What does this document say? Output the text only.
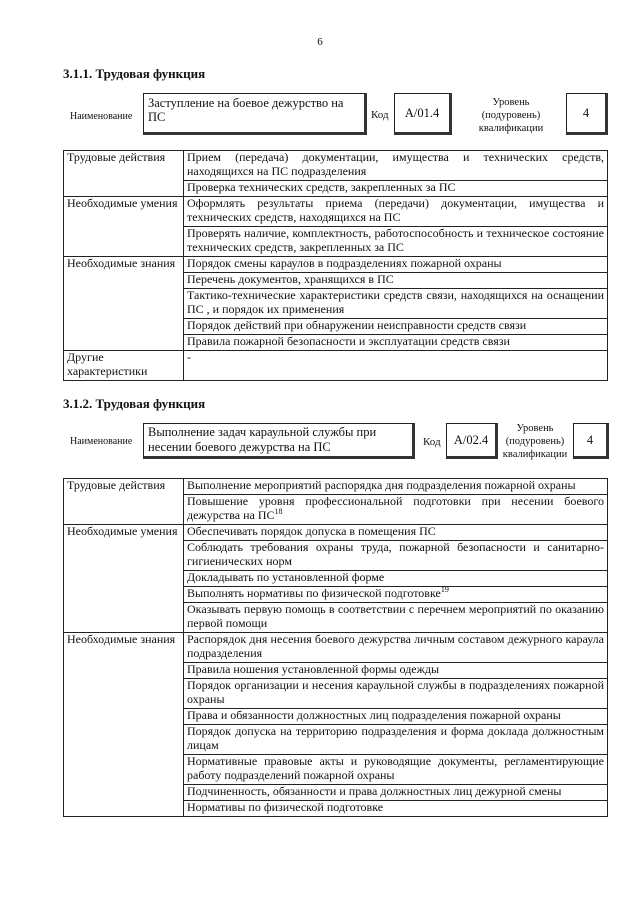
6
3.1.1. Трудовая функция
Наименование
Заступление на боевое дежурство на ПС	Код А/01.4
Уровень
(подуровень)
квалификации
4
Трудовые действия	Прием (передача) документации, имущества и технических средств, находящихся на ПС подразделения
	Проверка технических средств, закрепленных за ПС
Необходимые умения	Оформлять результаты приема (передачи) документации, имущества и технических средств, находящихся на ПС
	Проверять наличие, комплектность, работоспособность и техническое состояние технических средств, закрепленных за ПС
Необходимые знания	Порядок смены караулов в подразделениях пожарной охраны
	Перечень документов, хранящихся в ПС
	Тактико-технические характеристики средств связи, находящихся на оснащении ПС , и порядок их применения
	Порядок действий при обнаружении неисправности средств связи
	Правила пожарной безопасности и эксплуатации средств связи
Другие характеристики	-
3.1.2. Трудовая функция
Наименование
Выполнение задач караульной службы при несении боевого дежурства на ПС	Код А/02.4
Уровень
(подуровень)
квалификации
4
Трудовые действия	Выполнение мероприятий распорядка дня подразделения пожарной охраны
	Повышение уровня профессиональной подготовки при несении боевого дежурства на ПС$^{18}$
Необходимые умения	Обеспечивать порядок допуска в помещения ПС
	Соблюдать требования охраны труда, пожарной безопасности и санитарно-гигиенических норм
	Докладывать по установленной форме
	Выполнять нормативы по физической подготовке$^{19}$
	Оказывать первую помощь в соответствии с перечнем мероприятий по оказанию первой помощи
Необходимые знания	Распорядок дня несения боевого дежурства личным составом дежурного караула подразделения
	Правила ношения установленной формы одежды
	Порядок организации и несения караульной службы в подразделениях пожарной охраны
	Права и обязанности должностных лиц подразделения пожарной охраны
	Порядок допуска на территорию подразделения и форма доклада должностным лицам
	Нормативные правовые акты и руководящие документы, регламентирующие работу подразделений пожарной охраны
	Подчиненность, обязанности и права должностных лиц дежурной смены
	Нормативы по физической подготовке
